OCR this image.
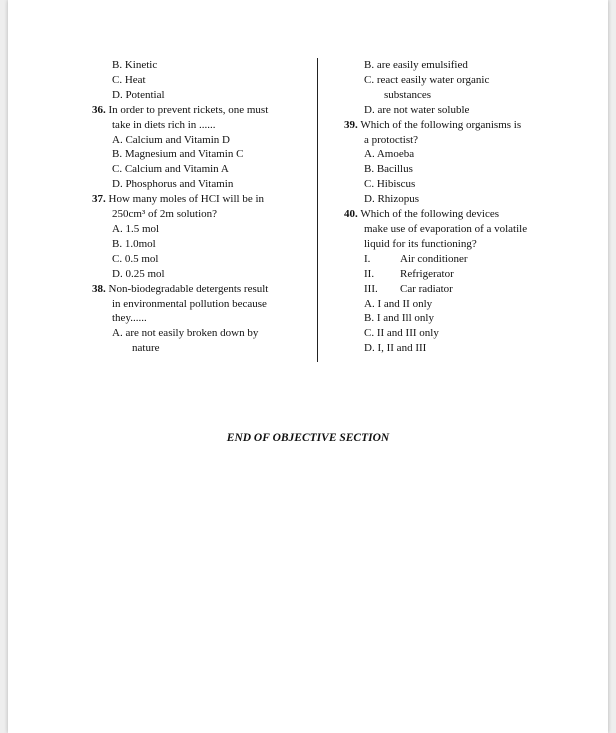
B. Kinetic
C. Heat
D. Potential
36. In order to prevent rickets, one must
take in diets rich in ......
A. Calcium and Vitamin D
B. Magnesium and Vitamin C
C. Calcium and Vitamin A
D. Phosphorus and Vitamin
37. How many moles of HCI will be in
250cm³ of 2m solution?
A. 1.5 mol
B. 1.0mol
C. 0.5 mol
D. 0.25 mol
38. Non-biodegradable detergents result
in environmental pollution because
they......
A. are not easily broken down by
nature
B. are easily emulsified
C. react easily water organic
substances
D. are not water soluble
39. Which of the following organisms is
a protoctist?
A. Amoeba
B. Bacillus
C. Hibiscus
D. Rhizopus
40. Which of the following devices
make use of evaporation of a volatile
liquid for its functioning?
I.	Air conditioner
II. Refrigerator
III. Car radiator
A. I and II only
B. I and Ill only
C. II and III only
D. I, II and III
END OF OBJECTIVE SECTION
